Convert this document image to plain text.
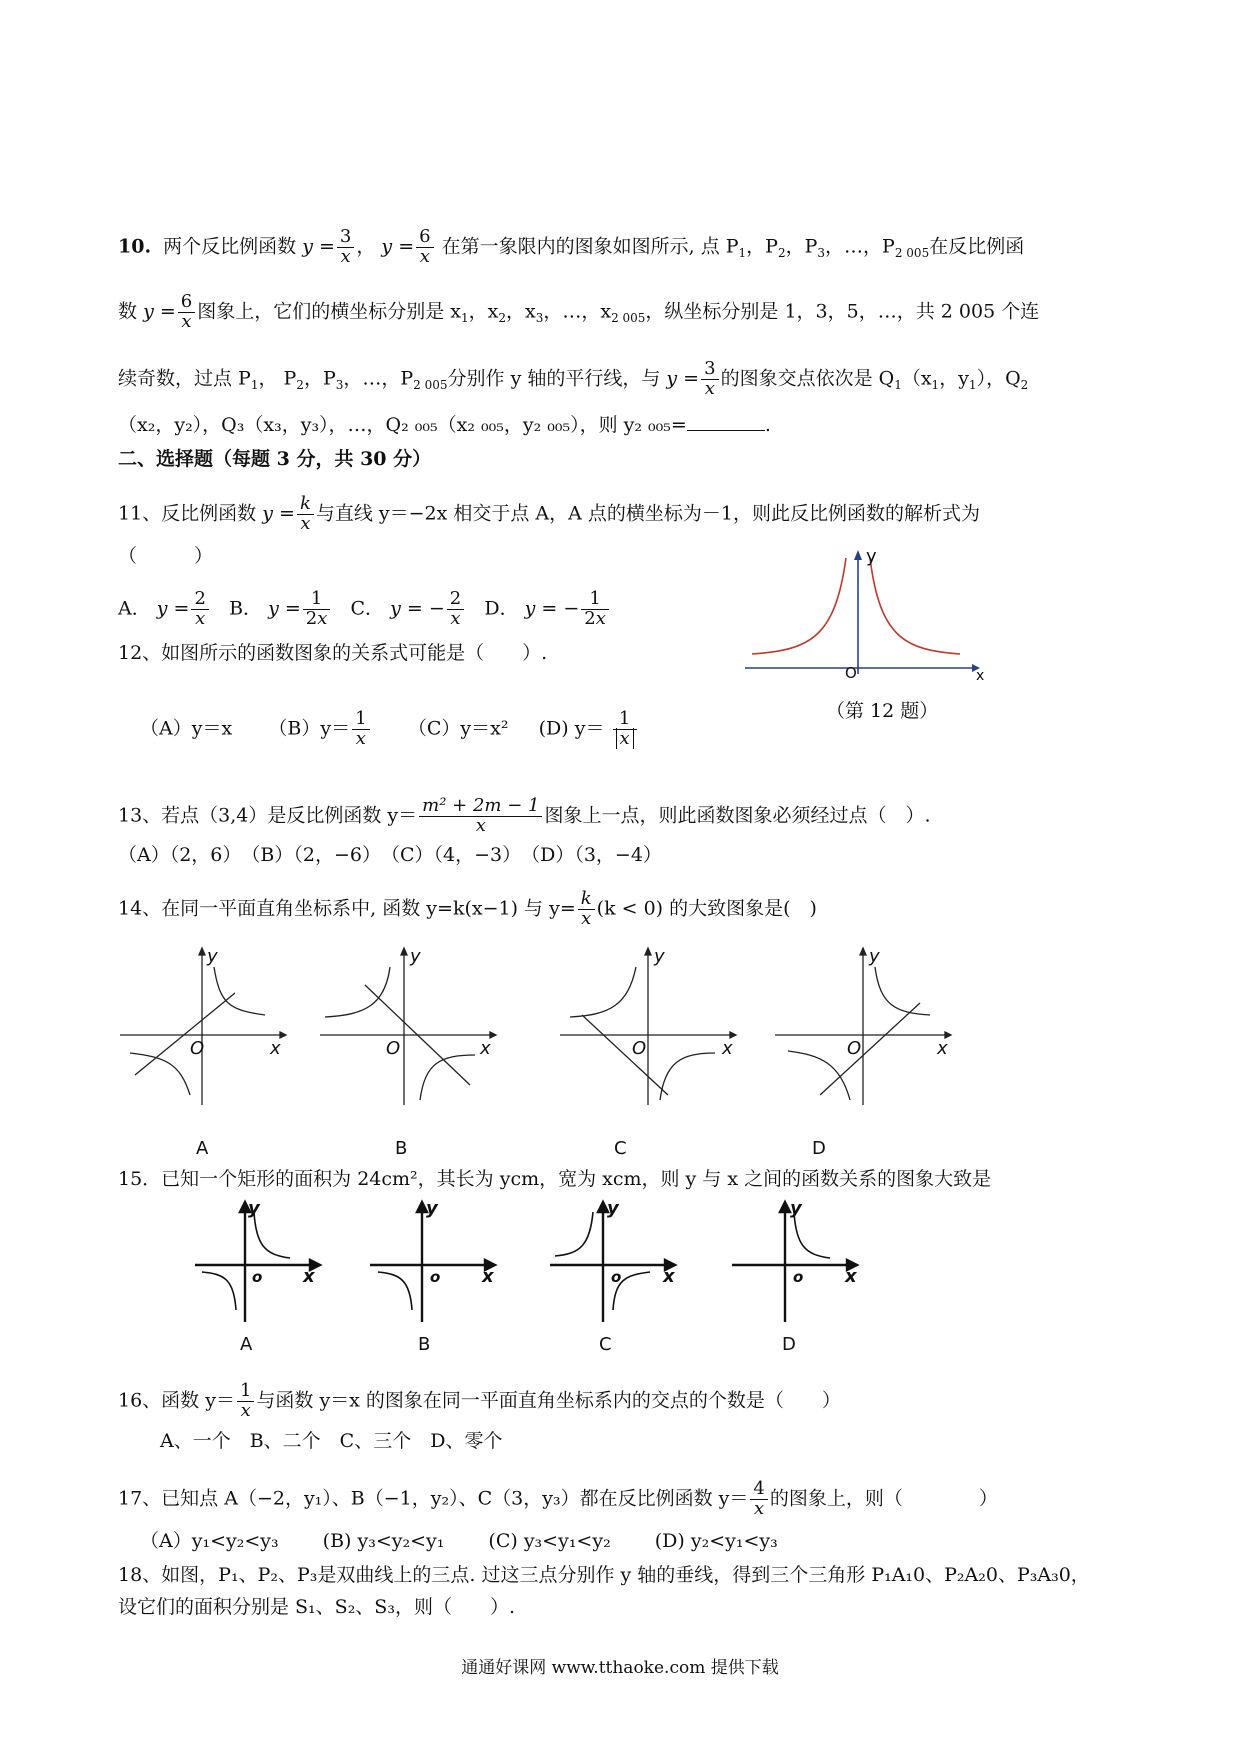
10. 两个反比例函数 $y = \frac{3}{x}$ ， $y = \frac{6}{x}$ 在第一象限内的图象如图所示, 点 $P_1$，$P_2$，$P_3$，…，$P_{2 005}$在反比例函
数 $y = \frac{6}{x}$ 图象上，它们的横坐标分别是 $x_1$，$x_2$，$x_3$，…，$x_{2 005}$，纵坐标分别是 1，3，5，…，共 2 005 个连
续奇数，过点 $P_1$， $P_2$，$P_3$，…，$P_{2 005}$分别作 y 轴的平行线，与 $y = \frac{3}{x}$ 的图象交点依次是 $Q_1(x_1$，$y_1$），$Q_2$
（x₂，y₂），Q₃（x₃，y₃），…，Q₂ ₀₀₅（x₂ ₀₀₅，y₂ ₀₀₅），则 y₂ ₀₀₅=	.
二、选择题（每题 3 分，共 30 分）
11、反比例函数 $y = \frac{k}{x}$ 与直线 y＝−2x 相交于点 A，A 点的横坐标为－1，则此反比例函数的解析式为
（　　　）
A． $y = \frac{2}{x}$ B． $y = \frac{1}{2x}$ C． y = − $\frac{2}{x}$ D． y = − $\frac{1}{2x}$
y
x
O
（第 12 题）
12、如图所示的函数图象的关系式可能是（　　）.
（A）y＝x $(B)y= \frac{1}{x} (C)y=x^2$ (D) $y= \frac{1}{x}$
13、若点（3,4）是反比例函数 $y= \frac{\text{m² + 2m − 1}}{x}$ 图象上一点，则此函数图象必须经过点（　）.
（A）（2，6）　（B）（2，−6）　（C）（4，−3）　（D）（3，−4）
14、在同一平面直角坐标系中, 函数 y=k(x−1) 与 $y= \frac{k}{x} (k < 0)$ 的大致图象是(　)
y	y	y	y
O	O	O	O
x	x	x	x
A	B	C	D
15．已知一个矩形的面积为 24cm²，其长为 ycm，宽为 xcm，则 y 与 x 之间的函数关系的图象大致是
y	y	y	y
o	o	o	o
x	x	x	x
A	B	C	D
16、函数 $y= \frac{1}{x}$ 与函数 y＝x 的图象在同一平面直角坐标系内的交点的个数是（　　）
A、一个　B、二个　C、三个　D、零个
17、已知点 A（−2，y₁）、B（−1，y₂）、C（3，y₃）都在反比例函数 $y= \frac{4}{x}$ 的图象上，则（　　　　）
（A）y₁<y₂<y₃　　 (B) y₃<y₂<y₁　　 (C) y₃<y₁<y₂　　 (D) y₂<y₁<y₃
18、如图，P₁、P₂、P₃是双曲线上的三点. 过这三点分别作 y 轴的垂线，得到三个三角形 P₁A₁0、P₂A₂0、P₃A₃0，
设它们的面积分别是 S₁、S₂、S₃，则（　　）.
通通好课网 www.tthaoke.com 提供下载
